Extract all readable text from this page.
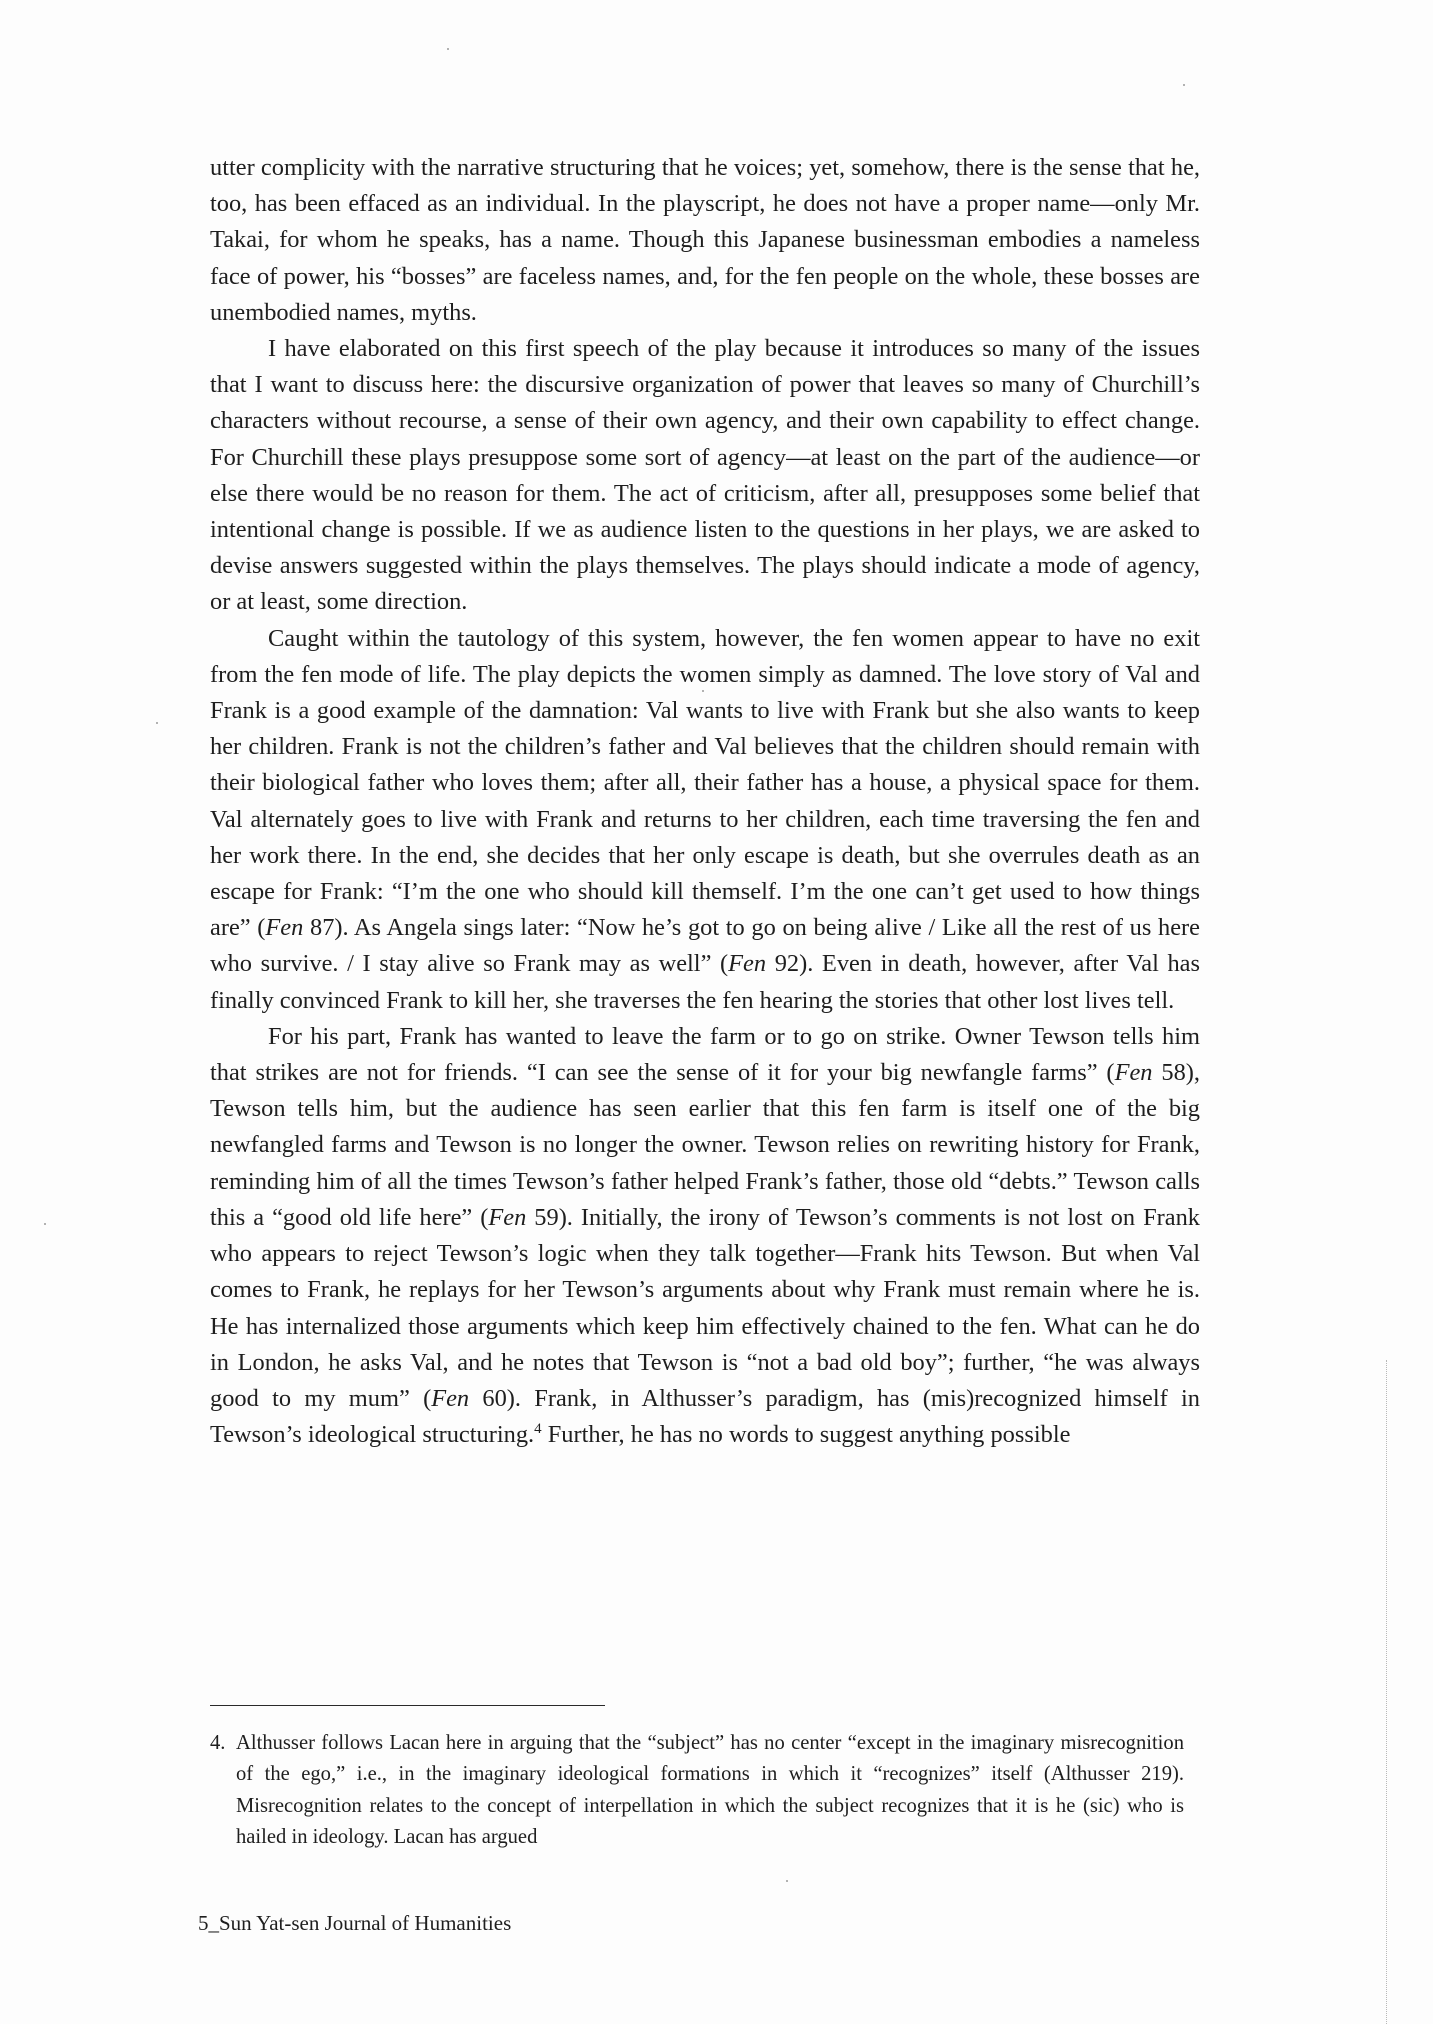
utter complicity with the narrative structuring that he voices; yet, somehow, there is the sense that he, too, has been effaced as an individual. In the playscript, he does not have a proper name—only Mr. Takai, for whom he speaks, has a name. Though this Japanese businessman embodies a nameless face of power, his “bosses” are faceless names, and, for the fen people on the whole, these bosses are unembodied names, myths.

I have elaborated on this first speech of the play because it introduces so many of the issues that I want to discuss here: the discursive organization of power that leaves so many of Churchill’s characters without recourse, a sense of their own agency, and their own capability to effect change. For Churchill these plays presuppose some sort of agency—at least on the part of the audience—or else there would be no reason for them. The act of criticism, after all, presupposes some belief that intentional change is possible. If we as audience listen to the questions in her plays, we are asked to devise answers suggested within the plays themselves. The plays should indicate a mode of agency, or at least, some direction.

Caught within the tautology of this system, however, the fen women appear to have no exit from the fen mode of life. The play depicts the women simply as damned. The love story of Val and Frank is a good example of the damnation: Val wants to live with Frank but she also wants to keep her children. Frank is not the children’s father and Val believes that the children should remain with their biological father who loves them; after all, their father has a house, a physical space for them. Val alternately goes to live with Frank and returns to her children, each time traversing the fen and her work there. In the end, she decides that her only escape is death, but she overrules death as an escape for Frank: “I’m the one who should kill themself. I’m the one can’t get used to how things are” (Fen 87). As Angela sings later: “Now he’s got to go on being alive / Like all the rest of us here who survive. / I stay alive so Frank may as well” (Fen 92). Even in death, however, after Val has finally convinced Frank to kill her, she traverses the fen hearing the stories that other lost lives tell.

For his part, Frank has wanted to leave the farm or to go on strike. Owner Tewson tells him that strikes are not for friends. “I can see the sense of it for your big newfangle farms” (Fen 58), Tewson tells him, but the audience has seen earlier that this fen farm is itself one of the big newfangled farms and Tewson is no longer the owner. Tewson relies on rewriting history for Frank, reminding him of all the times Tewson’s father helped Frank’s father, those old “debts.” Tewson calls this a “good old life here” (Fen 59). Initially, the irony of Tewson’s comments is not lost on Frank who appears to reject Tewson’s logic when they talk together—Frank hits Tewson. But when Val comes to Frank, he replays for her Tewson’s arguments about why Frank must remain where he is. He has internalized those arguments which keep him effectively chained to the fen. What can he do in London, he asks Val, and he notes that Tewson is “not a bad old boy”; further, “he was always good to my mum” (Fen 60). Frank, in Althusser’s paradigm, has (mis)recognized himself in Tewson’s ideological structuring.$^4$ Further, he has no words to suggest anything possible

4. Althusser follows Lacan here in arguing that the “subject” has no center “except in the imaginary misrecognition of the ego,” i.e., in the imaginary ideological formations in which it “recognizes” itself (Althusser 219). Misrecognition relates to the concept of interpellation in which the subject recognizes that it is he (sic) who is hailed in ideology. Lacan has argued
5_Sun Yat-sen Journal of Humanities
